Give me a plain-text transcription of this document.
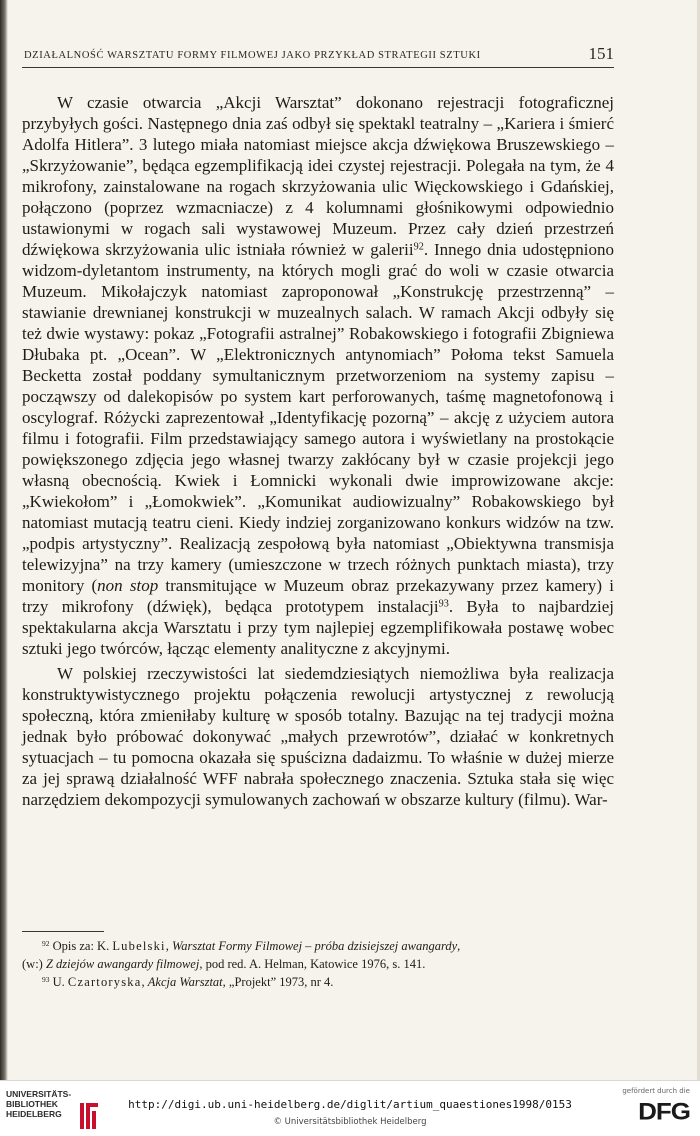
DZIAŁALNOŚĆ WARSZTATU FORMY FILMOWEJ JAKO PRZYKŁAD STRATEGII SZTUKI	151

W czasie otwarcia „Akcji Warsztat” dokonano rejestracji fotograficznej przybyłych gości. Następnego dnia zaś odbył się spektakl teatralny – „Kariera i śmierć Adolfa Hitlera”. 3 lutego miała natomiast miejsce akcja dźwiękowa Bruszewskiego – „Skrzyżowanie”, będąca egzemplifikacją idei czystej rejestracji. Polegała na tym, że 4 mikrofony, zainstalowane na rogach skrzyżowania ulic Więckowskiego i Gdańskiej, połączono (poprzez wzmacniacze) z 4 kolumnami głośnikowymi odpowiednio ustawionymi w rogach sali wystawowej Muzeum. Przez cały dzień przestrzeń dźwiękowa skrzyżowania ulic istniała również w galerii$^{92}$. Innego dnia udostępniono widzom-dyletantom instrumenty, na których mogli grać do woli w czasie otwarcia Muzeum. Mikołajczyk natomiast zaproponował „Konstrukcję przestrzenną” – stawianie drewnianej konstrukcji w muzealnych salach. W ramach Akcji odbyły się też dwie wystawy: pokaz „Fotografii astralnej” Robakowskiego i fotografii Zbigniewa Dłubaka pt. „Ocean”. W „Elektronicznych antynomiach” Połoma tekst Samuela Becketta został poddany symultanicznym przetworzeniom na systemy zapisu – począwszy od dalekopisów po system kart perforowanych, taśmę magnetofonową i oscylograf. Różycki zaprezentował „Identyfikację pozorną” – akcję z użyciem autora filmu i fotografii. Film przedstawiający samego autora i wyświetlany na prostokącie powiększonego zdjęcia jego własnej twarzy zakłócany był w czasie projekcji jego własną obecnością. Kwiek i Łomnicki wykonali dwie improwizowane akcje: „Kwiekołom” i „Łomokwiek”. „Komunikat audiowizualny” Robakowskiego był natomiast mutacją teatru cieni. Kiedy indziej zorganizowano konkurs widzów na tzw. „podpis artystyczny”. Realizacją zespołową była natomiast „Obiektywna transmisja telewizyjna” na trzy kamery (umieszczone w trzech różnych punktach miasta), trzy monitory (non stop transmitujące w Muzeum obraz przekazywany przez kamery) i trzy mikrofony (dźwięk), będąca prototypem instalacji$^{93}$. Była to najbardziej spektakularna akcja Warsztatu i przy tym najlepiej egzemplifikowała postawę wobec sztuki jego twórców, łącząc elementy analityczne z akcyjnymi.

W polskiej rzeczywistości lat siedemdziesiątych niemożliwa była realizacja konstruktywistycznego projektu połączenia rewolucji artystycznej z rewolucją społeczną, która zmieniłaby kulturę w sposób totalny. Bazując na tej tradycji można jednak było próbować dokonywać „małych przewrotów”, działać w konkretnych sytuacjach – tu pomocna okazała się spuścizna dadaizmu. To właśnie w dużej mierze za jej sprawą działalność WFF nabrała społecznego znaczenia. Sztuka stała się więc narzędziem dekompozycji symulowanych zachowań w obszarze kultury (filmu). War-

$^{92}$ Opis za: K. Lubelski, Warsztat Formy Filmowej – próba dzisiejszej awangardy,
(w:) Z dziejów awangardy filmowej, pod red. A. Helman, Katowice 1976, s. 141.
$^{93}$ U. Czartoryska, Akcja Warsztat, „Projekt” 1973, nr 4.
UNIVERSITÄTS-
BIBLIOTHEK
HEIDELBERG
http://digi.ub.uni-heidelberg.de/diglit/artium_quaestiones1998/0153
© Universitätsbibliothek Heidelberg
gefördert durch die
DFG
